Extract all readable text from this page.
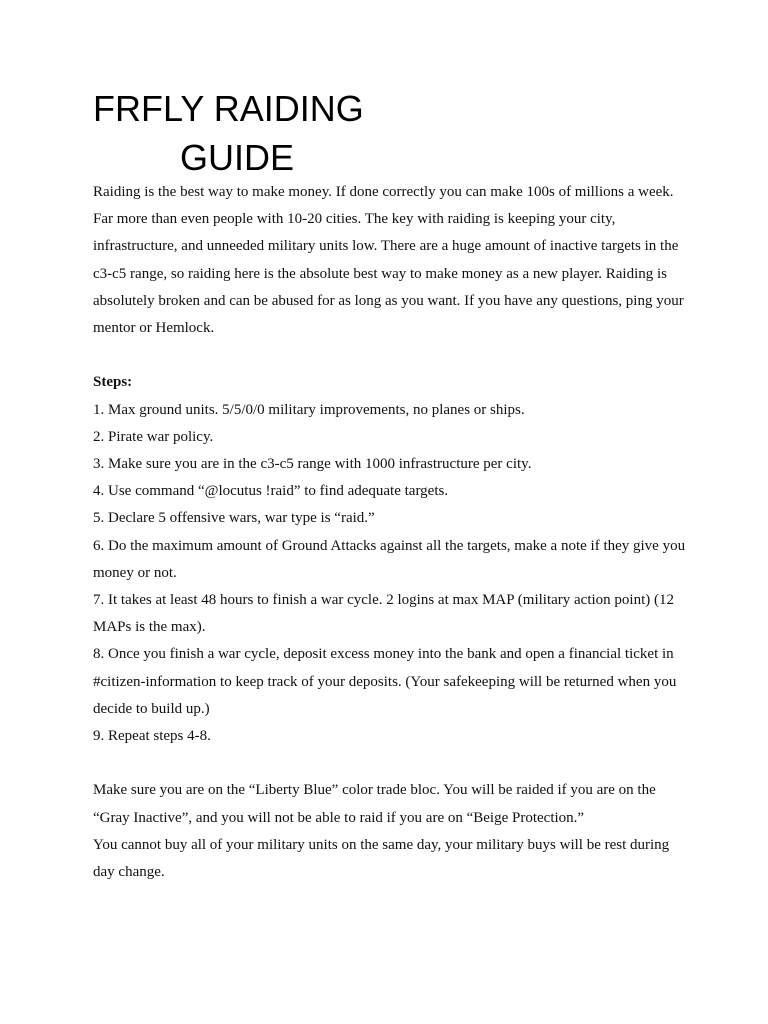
FRFLY RAIDING
GUIDE

Raiding is the best way to make money. If done correctly you can make 100s of millions a week. Far more than even people with 10-20 cities. The key with raiding is keeping your city, infrastructure, and unneeded military units low. There are a huge amount of inactive targets in the c3-c5 range, so raiding here is the absolute best way to make money as a new player. Raiding is absolutely broken and can be abused for as long as you want. If you have any questions, ping your mentor or Hemlock.

Steps:

1. Max ground units. 5/5/0/0 military improvements, no planes or ships.

2. Pirate war policy.

3. Make sure you are in the c3-c5 range with 1000 infrastructure per city.

4. Use command “@locutus !raid” to find adequate targets.

5. Declare 5 offensive wars, war type is “raid.”

6. Do the maximum amount of Ground Attacks against all the targets, make a note if they give you money or not.

7. It takes at least 48 hours to finish a war cycle. 2 logins at max MAP (military action point) (12 MAPs is the max).

8. Once you finish a war cycle, deposit excess money into the bank and open a financial ticket in #citizen-information to keep track of your deposits. (Your safekeeping will be returned when you decide to build up.)

9. Repeat steps 4-8.

Make sure you are on the “Liberty Blue” color trade bloc. You will be raided if you are on the “Gray Inactive”, and you will not be able to raid if you are on “Beige Protection.”

You cannot buy all of your military units on the same day, your military buys will be rest during day change.
